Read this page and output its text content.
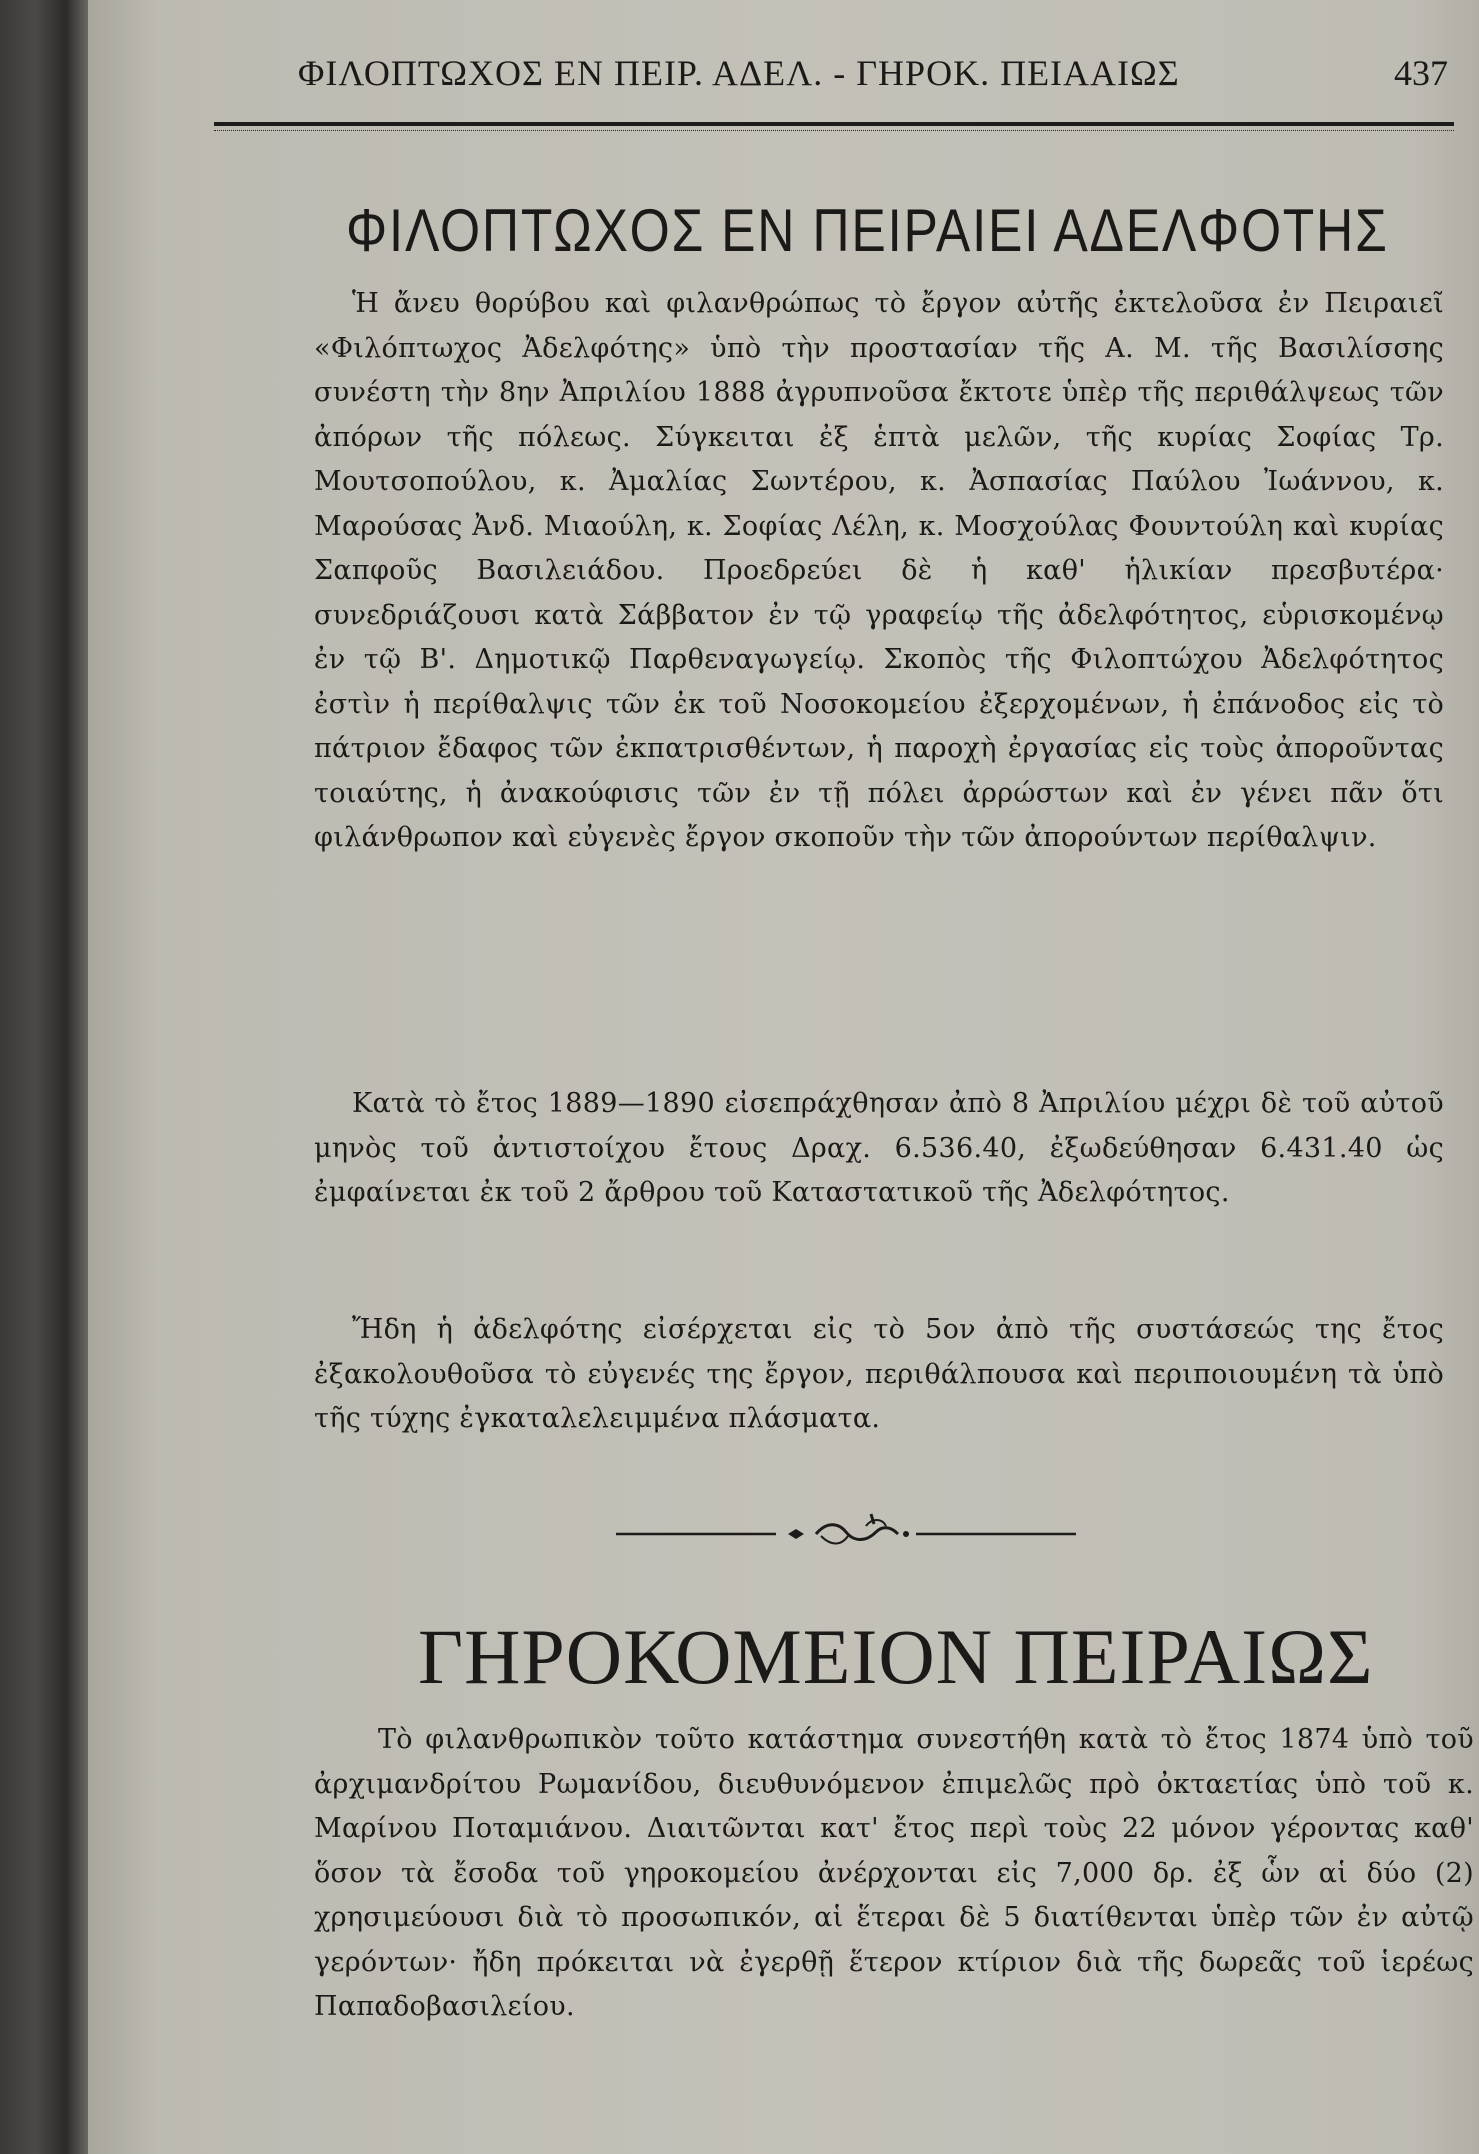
ΦΙΛΟΠΤΩΧΟΣ ΕΝ ΠΕΙΡ. ΑΔΕΛ. - ΓΗΡΟΚ. ΠΕΙΑΑΙΩΣ	437
ΦΙΛΟΠΤΩΧΟΣ ΕΝ ΠΕΙΡΑΙΕΙ ΑΔΕΛΦΟΤΗΣ
Ἡ ἄνευ θορύβου καὶ φιλανθρώπως τὸ ἔργον αὐτῆς ἐκτελοῦσα ἐν Πειραιεῖ «Φιλόπτωχος Ἀδελφότης» ὑπὸ τὴν προστασίαν τῆς Α. Μ. τῆς Βασιλίσσης συνέστη τὴν 8ην Ἀπριλίου 1888 ἀγρυπνοῦσα ἔκτοτε ὑπὲρ τῆς περιθάλψεως τῶν ἀπόρων τῆς πόλεως. Σύγκειται ἐξ ἑπτὰ μελῶν, τῆς κυρίας Σοφίας Τρ. Μουτσοπούλου, κ. Ἀμαλίας Σωντέρου, κ. Ἀσπασίας Παύλου Ἰωάννου, κ. Μαρούσας Ἀνδ. Μιαούλη, κ. Σοφίας Λέλη, κ. Μοσχούλας Φουντούλη καὶ κυρίας Σαπφοῦς Βασιλειάδου. Προεδρεύει δὲ ἡ καθ' ἡλικίαν πρεσβυτέρα· συνεδριάζουσι κατὰ Σάββατον ἐν τῷ γραφείῳ τῆς ἀδελφότητος, εὑρισκομένῳ ἐν τῷ Β'. Δημοτικῷ Παρθεναγωγείῳ. Σκοπὸς τῆς Φιλοπτώχου Ἀδελφότητος ἐστὶν ἡ περίθαλψις τῶν ἐκ τοῦ Νοσοκομείου ἐξερχομένων, ἡ ἐπάνοδος εἰς τὸ πάτριον ἔδαφος τῶν ἐκπατρισθέντων, ἡ παροχὴ ἐργασίας εἰς τοὺς ἀποροῦντας τοιαύτης, ἡ ἀνακούφισις τῶν ἐν τῇ πόλει ἀρρώστων καὶ ἐν γένει πᾶν ὅτι φιλάνθρωπον καὶ εὐγενὲς ἔργον σκοποῦν τὴν τῶν ἀπορούντων περίθαλψιν.
Κατὰ τὸ ἔτος 1889—1890 εἰσεπράχθησαν ἀπὸ 8 Ἀπριλίου μέχρι δὲ τοῦ αὐτοῦ μηνὸς τοῦ ἀντιστοίχου ἔτους Δραχ. 6.536.40, ἐξωδεύθησαν 6.431.40 ὡς ἐμφαίνεται ἐκ τοῦ 2 ἄρθρου τοῦ Καταστατικοῦ τῆς Ἀδελφότητος.
Ἤδη ἡ ἀδελφότης εἰσέρχεται εἰς τὸ 5ον ἀπὸ τῆς συστάσεώς της ἔτος ἐξακολουθοῦσα τὸ εὐγενές της ἔργον, περιθάλπουσα καὶ περιποιουμένη τὰ ὑπὸ τῆς τύχης ἐγκαταλελειμμένα πλάσματα.
ΓΗΡΟΚΟΜΕΙΟΝ ΠΕΙΡΑΙΩΣ
Τὸ φιλανθρωπικὸν τοῦτο κατάστημα συνεστήθη κατὰ τὸ ἔτος 1874 ὑπὸ τοῦ ἀρχιμανδρίτου Ρωμανίδου, διευθυνόμενον ἐπιμελῶς πρὸ ὀκταετίας ὑπὸ τοῦ κ. Μαρίνου Ποταμιάνου. Διαιτῶνται κατ' ἔτος περὶ τοὺς 22 μόνον γέροντας καθ' ὅσον τὰ ἔσοδα τοῦ γηροκομείου ἀνέρχονται εἰς 7,000 δρ. ἐξ ὧν αἱ δύο (2) χρησιμεύουσι διὰ τὸ προσωπικόν, αἱ ἕτεραι δὲ 5 διατίθενται ὑπὲρ τῶν ἐν αὐτῷ γερόντων· ἤδη πρόκειται νὰ ἐγερθῇ ἕτερον κτίριον διὰ τῆς δωρεᾶς τοῦ ἱερέως Παπαδοβασιλείου.
